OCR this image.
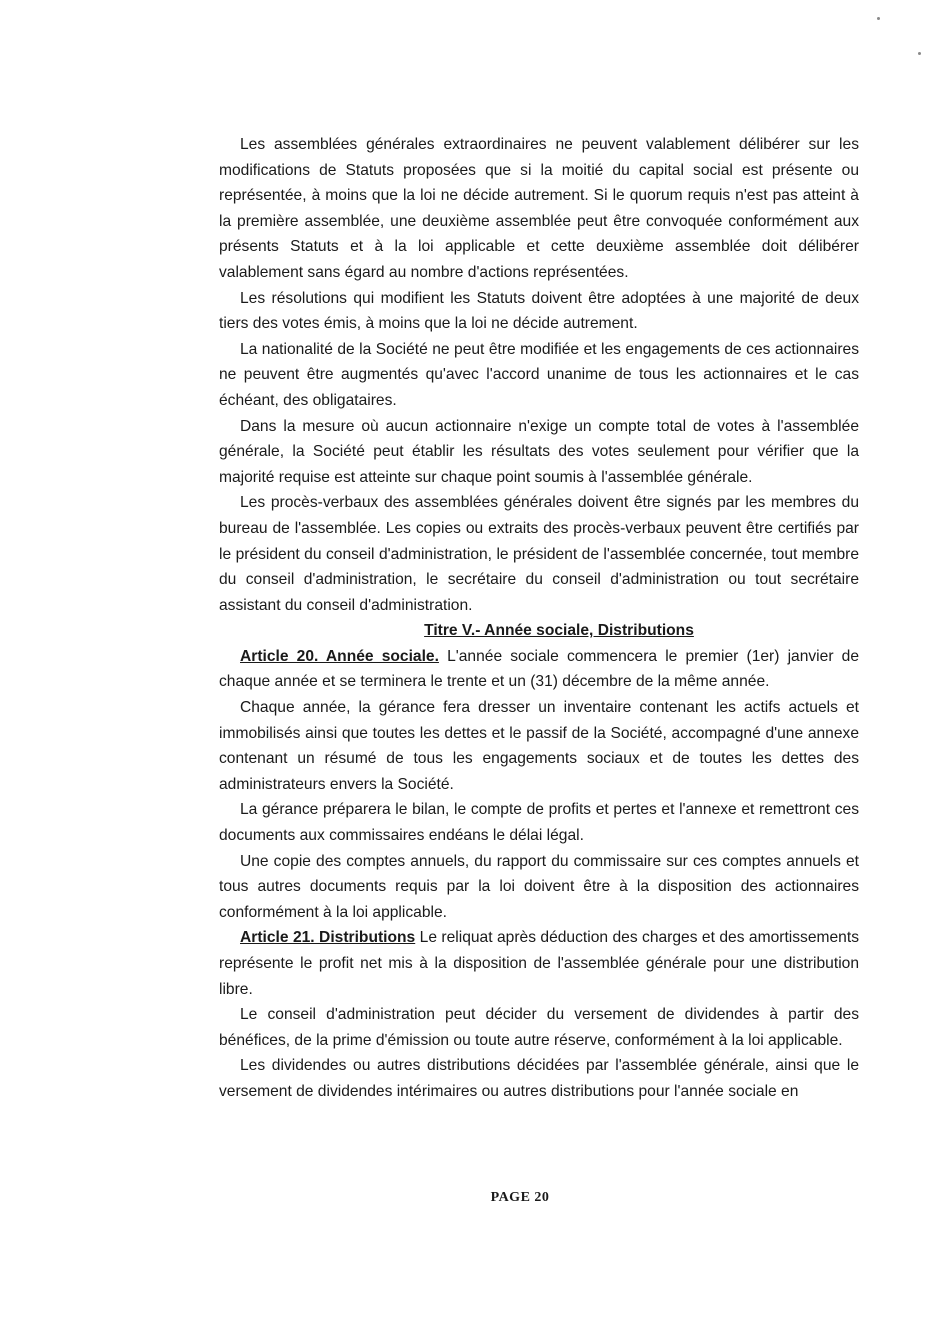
Les assemblées générales extraordinaires ne peuvent valablement délibérer sur les modifications de Statuts proposées que si la moitié du capital social est présente ou représentée, à moins que la loi ne décide autrement. Si le quorum requis n'est pas atteint à la première assemblée, une deuxième assemblée peut être convoquée conformément aux présents Statuts et à la loi applicable et cette deuxième assemblée doit délibérer valablement sans égard au nombre d'actions représentées.

Les résolutions qui modifient les Statuts doivent être adoptées à une majorité de deux tiers des votes émis, à moins que la loi ne décide autrement.

La nationalité de la Société ne peut être modifiée et les engagements de ces actionnaires ne peuvent être augmentés qu'avec l'accord unanime de tous les actionnaires et le cas échéant, des obligataires.

Dans la mesure où aucun actionnaire n'exige un compte total de votes à l'assemblée générale, la Société peut établir les résultats des votes seulement pour vérifier que la majorité requise est atteinte sur chaque point soumis à l'assemblée générale.

Les procès-verbaux des assemblées générales doivent être signés par les membres du bureau de l'assemblée. Les copies ou extraits des procès-verbaux peuvent être certifiés par le président du conseil d'administration, le président de l'assemblée concernée, tout membre du conseil d'administration, le secrétaire du conseil d'administration ou tout secrétaire assistant du conseil d'administration.

Titre V.- Année sociale, Distributions

Article 20. Année sociale. L'année sociale commencera le premier (1er) janvier de chaque année et se terminera le trente et un (31) décembre de la même année.

Chaque année, la gérance fera dresser un inventaire contenant les actifs actuels et immobilisés ainsi que toutes les dettes et le passif de la Société, accompagné d'une annexe contenant un résumé de tous les engagements sociaux et de toutes les dettes des administrateurs envers la Société.

La gérance préparera le bilan, le compte de profits et pertes et l'annexe et remettront ces documents aux commissaires endéans le délai légal.

Une copie des comptes annuels, du rapport du commissaire sur ces comptes annuels et tous autres documents requis par la loi doivent être à la disposition des actionnaires conformément à la loi applicable.

Article 21. Distributions Le reliquat après déduction des charges et des amortissements représente le profit net mis à la disposition de l'assemblée générale pour une distribution libre.

Le conseil d'administration peut décider du versement de dividendes à partir des bénéfices, de la prime d'émission ou toute autre réserve, conformément à la loi applicable.

Les dividendes ou autres distributions décidées par l'assemblée générale, ainsi que le versement de dividendes intérimaires ou autres distributions pour l'année sociale en

PAGE 20
